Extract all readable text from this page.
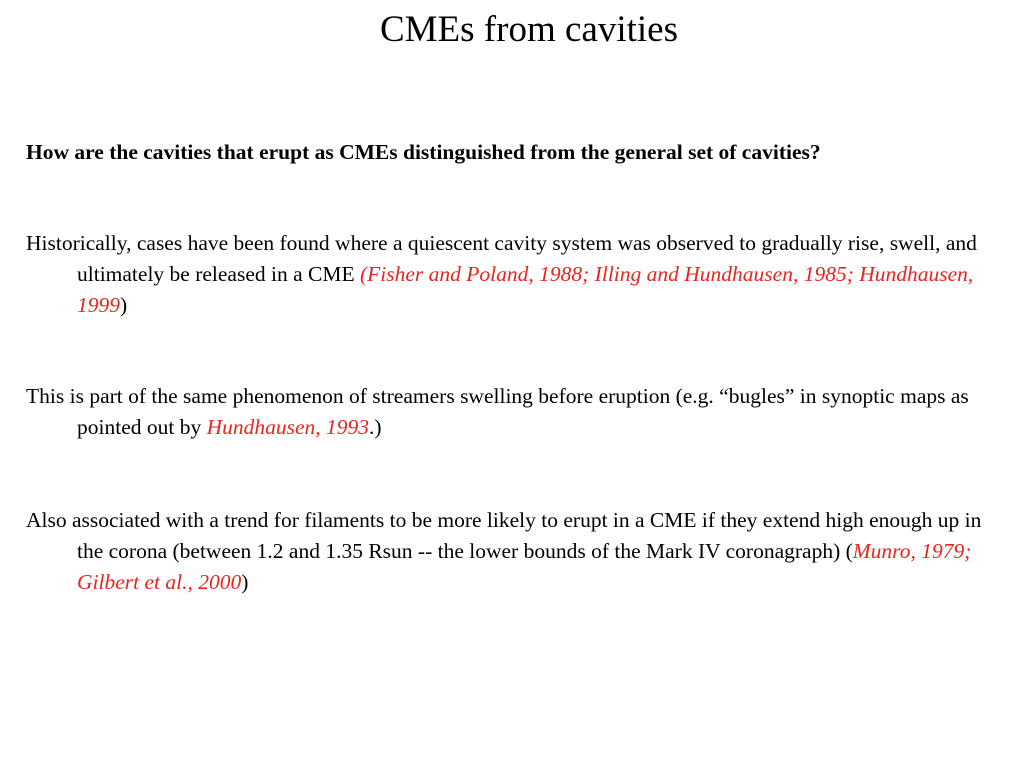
CMEs from cavities

How are the cavities that erupt as CMEs distinguished from the general set of cavities?

Historically, cases have been found where a quiescent cavity system was observed to gradually rise, swell, and ultimately be released in a CME (Fisher and Poland, 1988; Illing and Hundhausen, 1985; Hundhausen, 1999)

This is part of the same phenomenon of streamers swelling before eruption (e.g. “bugles” in synoptic maps as pointed out by Hundhausen, 1993.)

Also associated with a trend for filaments to be more likely to erupt in a CME if they extend high enough up in the corona (between 1.2 and 1.35 Rsun -- the lower bounds of the Mark IV coronagraph) (Munro, 1979; Gilbert et al., 2000)
